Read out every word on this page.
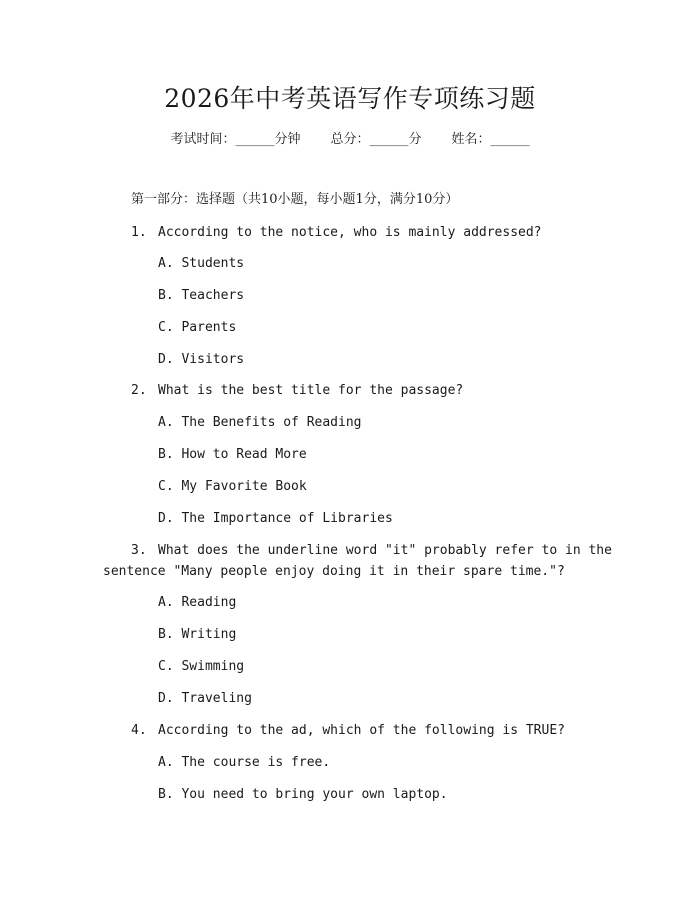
2026年中考英语写作专项练习题
考试时间：______分钟 总分：______分 姓名：______
第一部分：选择题（共10小题，每小题1分，满分10分）
1. According to the notice, who is mainly addressed?
A. Students
B. Teachers
C. Parents
D. Visitors
2. What is the best title for the passage?
A. The Benefits of Reading
B. How to Read More
C. My Favorite Book
D. The Importance of Libraries
3. What does the underline word "it" probably refer to in the
sentence "Many people enjoy doing it in their spare time."?
A. Reading
B. Writing
C. Swimming
D. Traveling
4. According to the ad, which of the following is TRUE?
A. The course is free.
B. You need to bring your own laptop.
